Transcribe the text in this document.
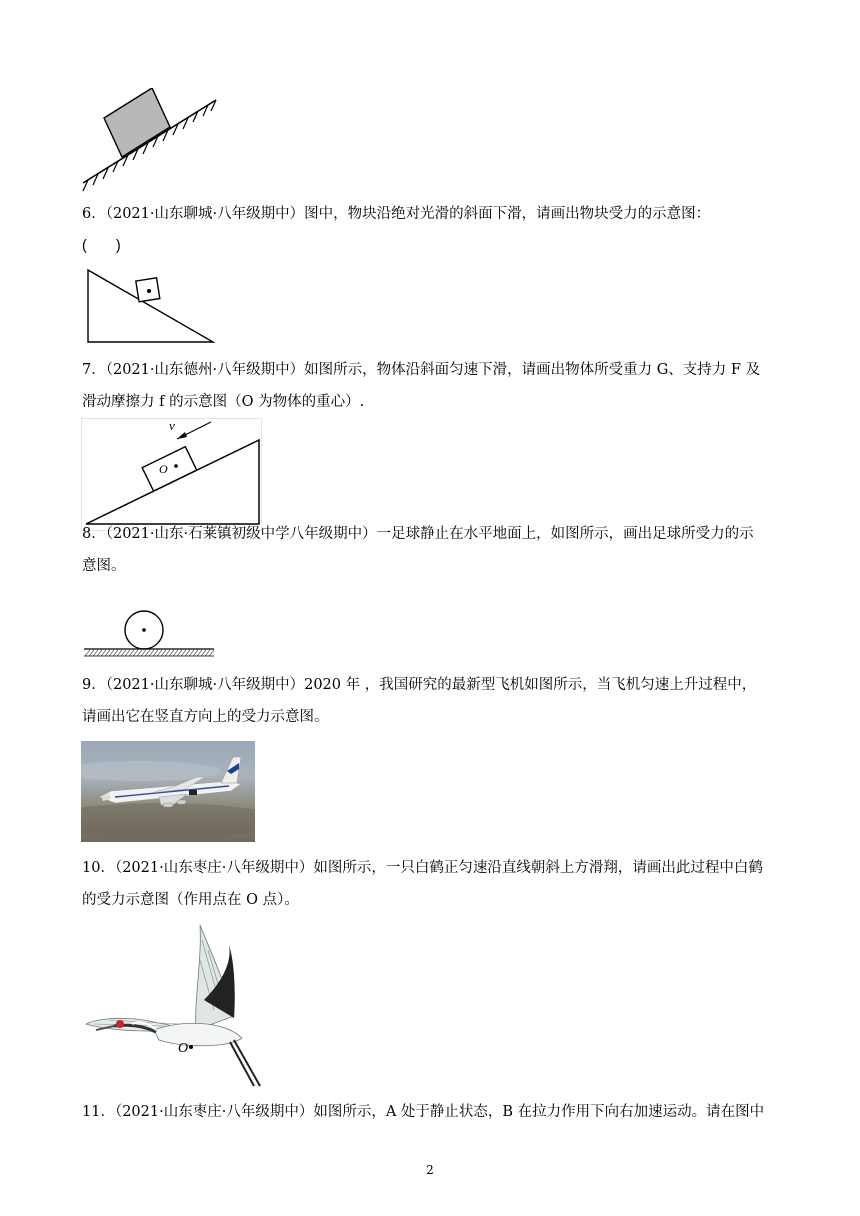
6．（2021·山东聊城·八年级期中）图中，物块沿绝对光滑的斜面下滑，请画出物块受力的示意图：
(　　)

7．（2021·山东德州·八年级期中）如图所示，物体沿斜面匀速下滑，请画出物体所受重力 G、支持力 F 及
滑动摩擦力 f 的示意图（O 为物体的重心）.

v
O

8．（2021·山东·石莱镇初级中学八年级期中）一足球静止在水平地面上，如图所示，画出足球所受力的示
意图。

9．（2021·山东聊城·八年级期中）2020 年 ，我国研究的最新型飞机如图所示，当飞机匀速上升过程中，
请画出它在竖直方向上的受力示意图。

10．（2021·山东枣庄·八年级期中）如图所示，一只白鹤正匀速沿直线朝斜上方滑翔，请画出此过程中白鹤
的受力示意图（作用点在 O 点）。

O

11．（2021·山东枣庄·八年级期中）如图所示，A 处于静止状态，B 在拉力作用下向右加速运动。请在图中

2
